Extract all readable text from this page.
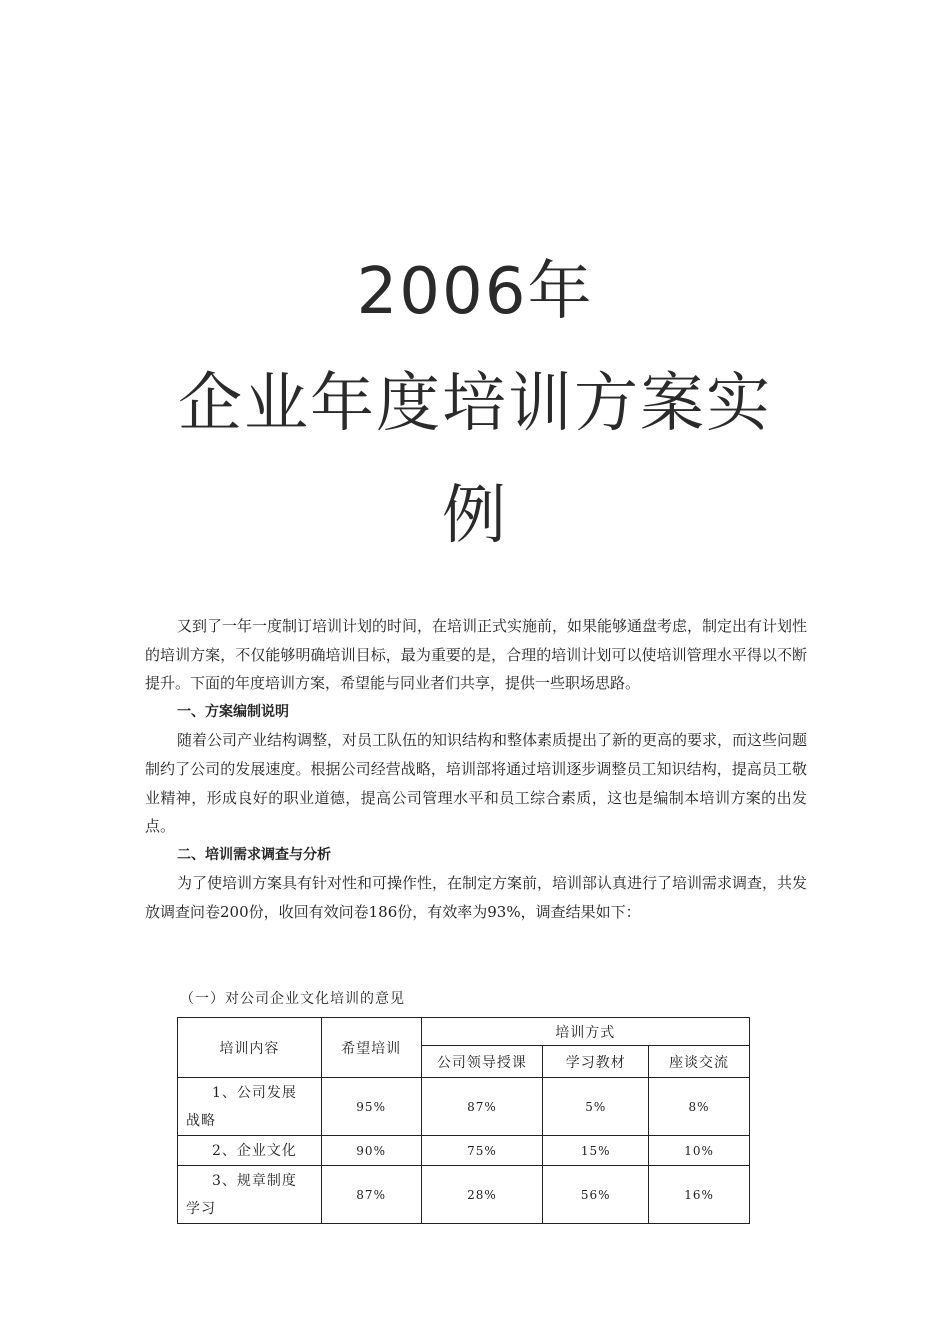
2006年

企业年度培训方案实

例

又到了一年一度制订培训计划的时间，在培训正式实施前，如果能够通盘考虑，制定出有计划性的培训方案，不仅能够明确培训目标，最为重要的是，合理的培训计划可以使培训管理水平得以不断提升。下面的年度培训方案，希望能与同业者们共享，提供一些职场思路。

一、方案编制说明

随着公司产业结构调整，对员工队伍的知识结构和整体素质提出了新的更高的要求，而这些问题制约了公司的发展速度。根据公司经营战略，培训部将通过培训逐步调整员工知识结构，提高员工敬业精神，形成良好的职业道德，提高公司管理水平和员工综合素质，这也是编制本培训方案的出发点。

二、培训需求调查与分析

为了使培训方案具有针对性和可操作性，在制定方案前，培训部认真进行了培训需求调查，共发放调查问卷200份，收回有效问卷186份，有效率为93%，调查结果如下：

（一）对公司企业文化培训的意见
培训内容	希望培训	培训方式		
		公司领导授课	学习教材	座谈交流
1、公司发展
战略	95%	87%	5%	8%
2、企业文化	90%	75%	15%	10%
3、规章制度
学习	87%	28%	56%	16%
